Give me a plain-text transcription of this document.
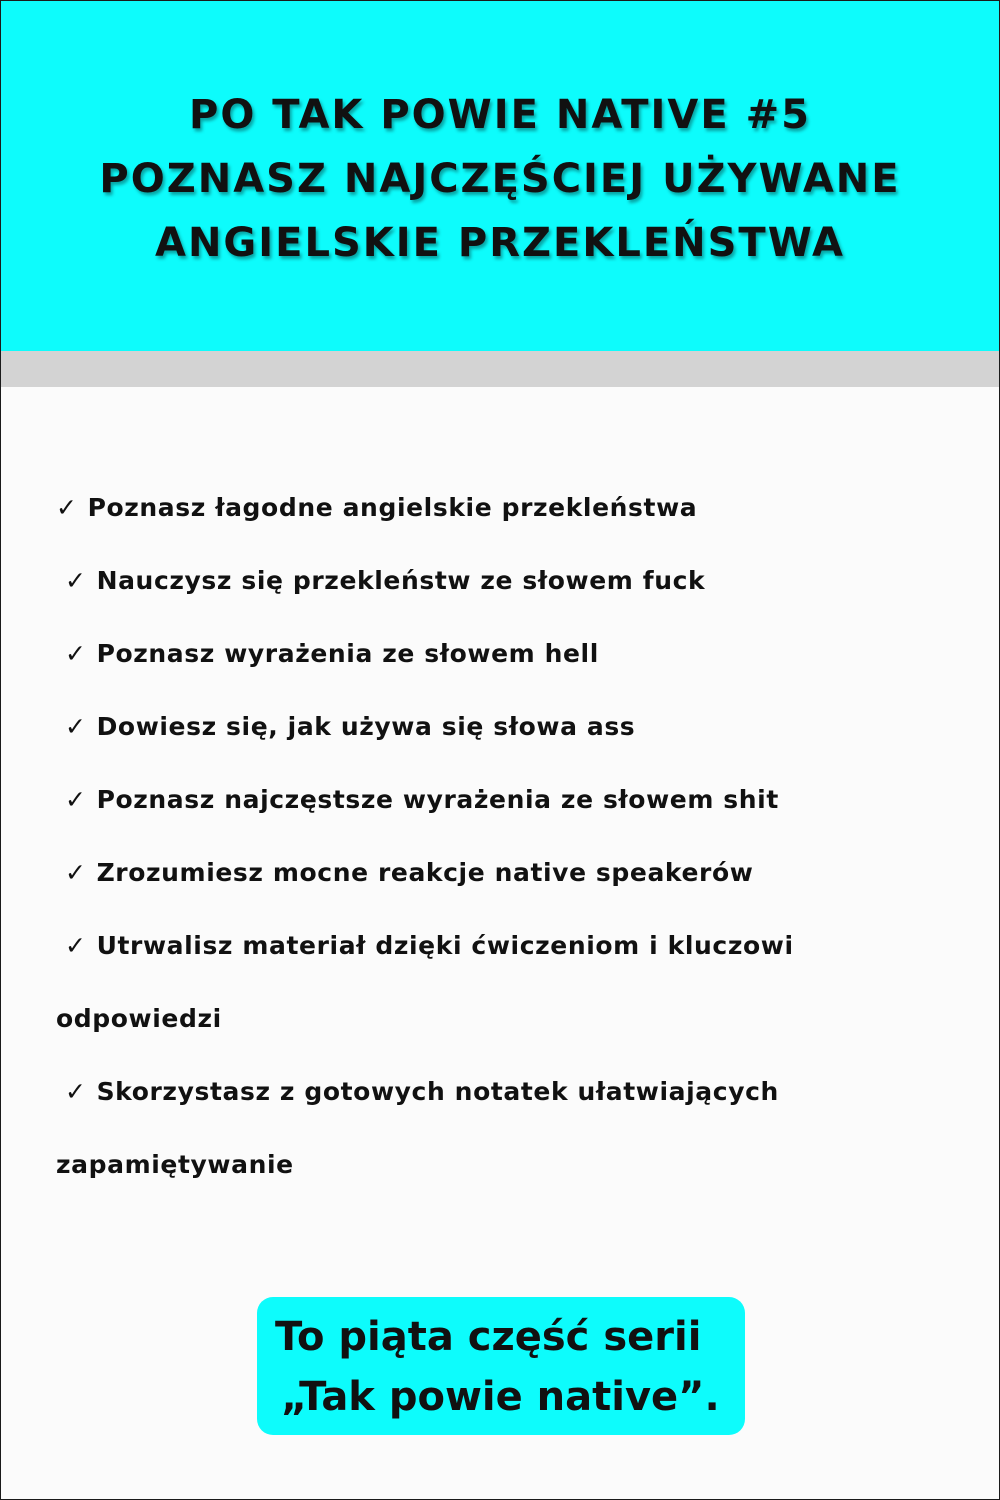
PO TAK POWIE NATIVE #5
POZNASZ NAJCZĘŚCIEJ UŻYWANE
ANGIELSKIE PRZEKLEŃSTWA
✓ Poznasz łagodne angielskie przekleństwa
✓ Nauczysz się przekleństw ze słowem fuck
✓ Poznasz wyrażenia ze słowem hell
✓ Dowiesz się, jak używa się słowa ass
✓ Poznasz najczęstsze wyrażenia ze słowem shit
✓ Zrozumiesz mocne reakcje native speakerów
✓ Utrwalisz materiał dzięki ćwiczeniom i kluczowi odpowiedzi
✓ Skorzystasz z gotowych notatek ułatwiających zapamiętywanie

To piąta część serii
„Tak powie native”.
